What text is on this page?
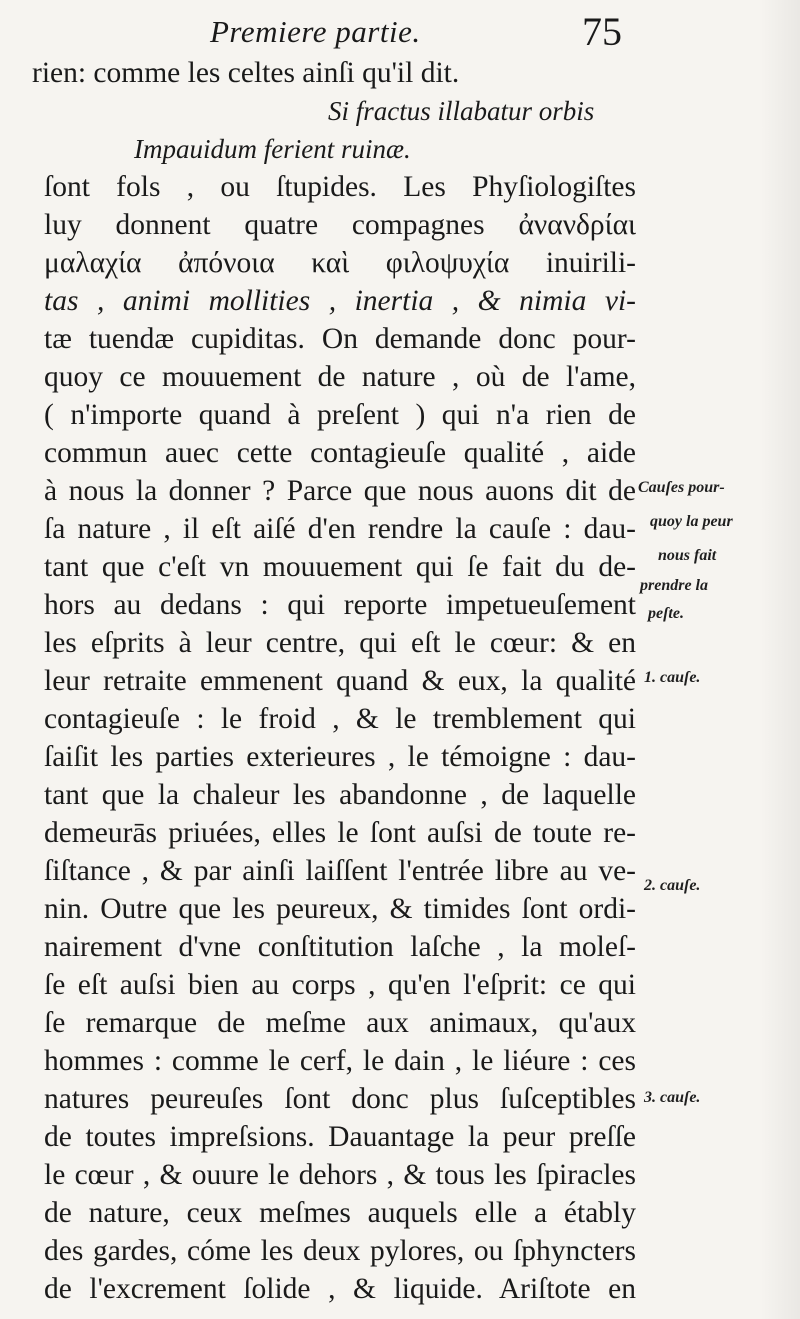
Premiere partie.	75
rien: comme les celtes ainſi qu'il dit.
Si fractus illabatur orbis
Impauidum ferient ruinæ.
ſont fols , ou ſtupides. Les Phyſiologiſtes
luy donnent quatre compagnes ἀνανδρίαι
μαλαχία ἀπόνοια καὶ φιλοψυχία inuirili-
tas , animi mollities , inertia , & nimia vi-
tæ tuendæ cupiditas. On demande donc pour-
quoy ce mouuement de nature , où de l'ame,
( n'importe quand à preſent ) qui n'a rien de
commun auec cette contagieuſe qualité , aide
à nous la donner ? Parce que nous auons dit de
ſa nature , il eſt aiſé d'en rendre la cauſe : dau-
tant que c'eſt vn mouuement qui ſe fait du de-
hors au dedans : qui reporte impetueuſement
les eſprits à leur centre, qui eſt le cœur: & en
leur retraite emmenent quand & eux, la qualité
contagieuſe : le froid , & le tremblement qui
ſaiſit les parties exterieures , le témoigne : dau-
tant que la chaleur les abandonne , de laquelle
demeurās priuées, elles le ſont auſsi de toute re-
ſiſtance , & par ainſi laiſſent l'entrée libre au ve-
nin. Outre que les peureux, & timides ſont ordi-
nairement d'vne conſtitution laſche , la moleſ-
ſe eſt auſsi bien au corps , qu'en l'eſprit: ce qui
ſe remarque de meſme aux animaux, qu'aux
hommes : comme le cerf, le dain , le liéure : ces
natures peureuſes ſont donc plus ſuſceptibles
de toutes impreſsions. Dauantage la peur preſſe
le cœur , & ouure le dehors , & tous les ſpiracles
de nature, ceux meſmes auquels elle a étably
des gardes, cóme les deux pylores, ou ſphyncters
de l'excrement ſolide , & liquide. Ariſtote en
Cauſes pour-
quoy la peur
nous fait
prendre la
peſte.
1. cauſe.
2. cauſe.
3. cauſe.
